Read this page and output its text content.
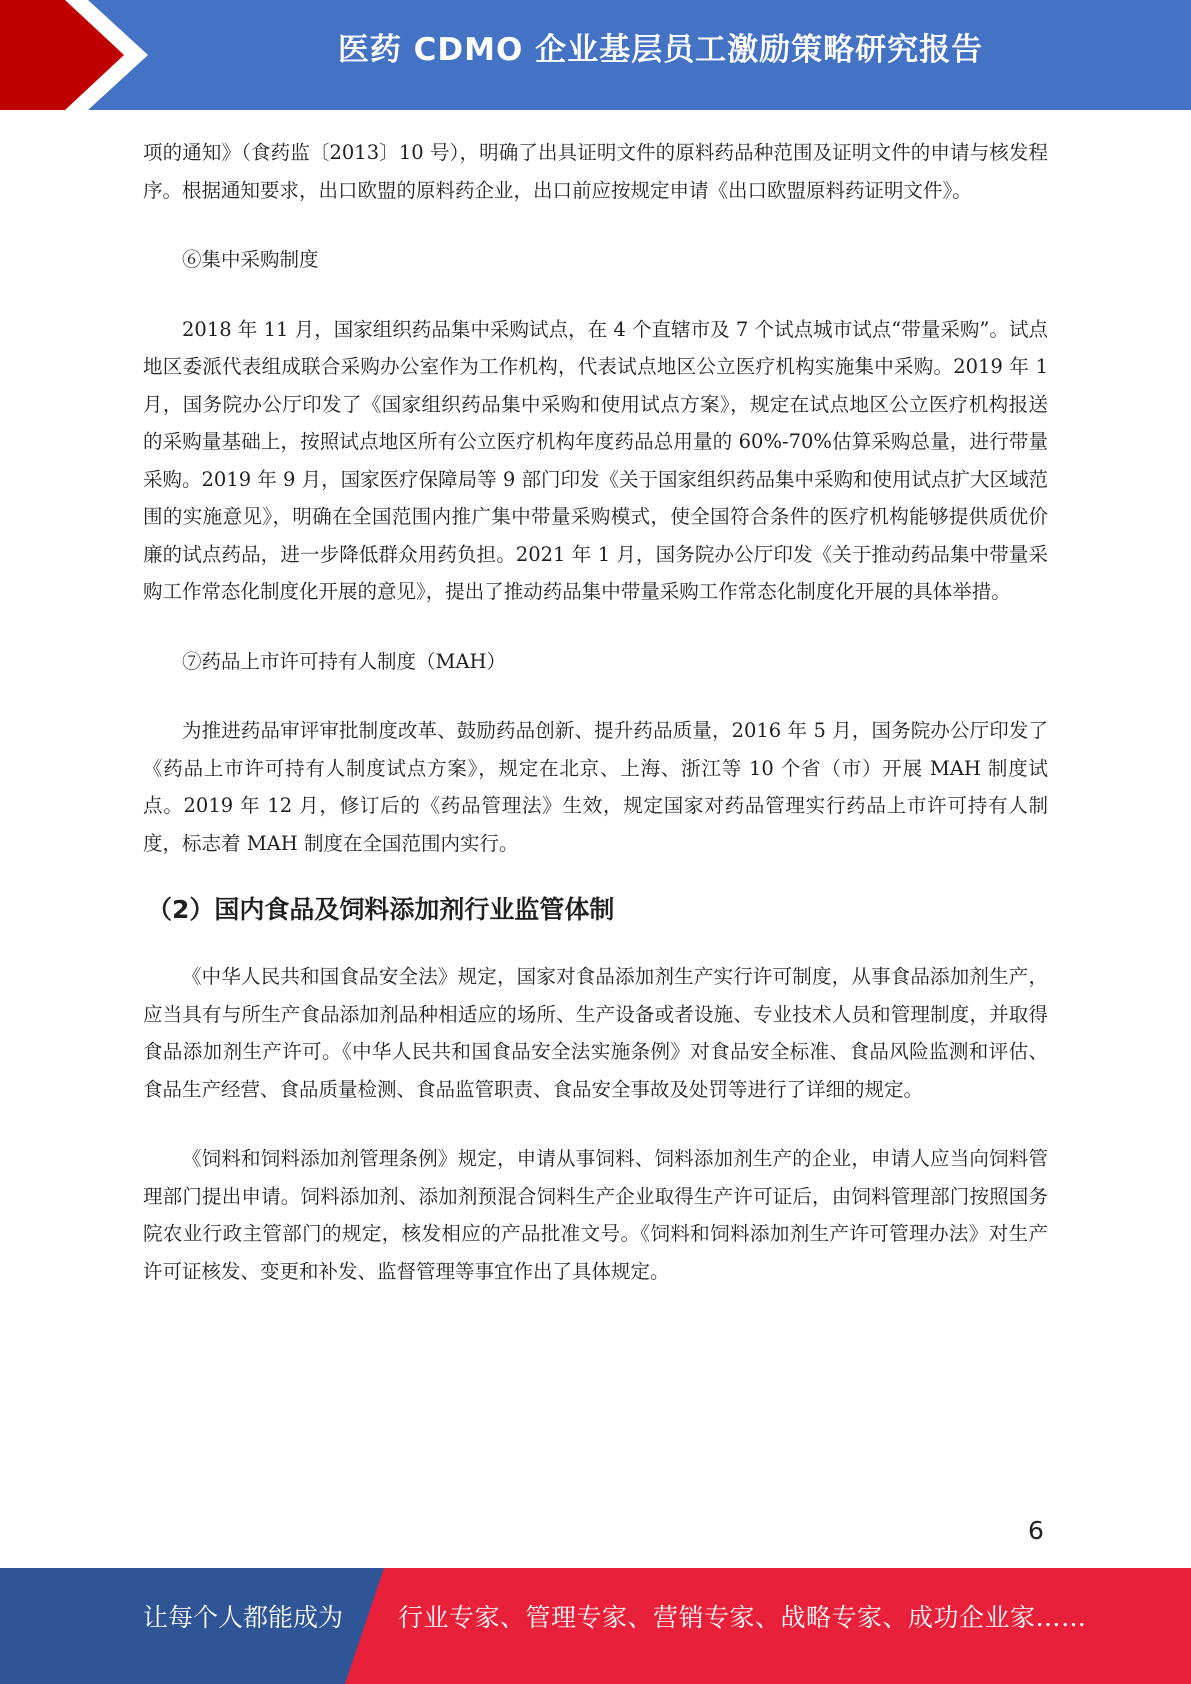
医药 CDMO 企业基层员工激励策略研究报告

项的通知》（食药监〔2013〕10 号），明确了出具证明文件的原料药品种范围及证明文件的申请与核发程序。根据通知要求，出口欧盟的原料药企业，出口前应按规定申请《出口欧盟原料药证明文件》。

⑥集中采购制度

2018 年 11 月，国家组织药品集中采购试点，在 4 个直辖市及 7 个试点城市试点“带量采购”。试点地区委派代表组成联合采购办公室作为工作机构，代表试点地区公立医疗机构实施集中采购。2019 年 1 月，国务院办公厅印发了《国家组织药品集中采购和使用试点方案》，规定在试点地区公立医疗机构报送的采购量基础上，按照试点地区所有公立医疗机构年度药品总用量的 60%-70%估算采购总量，进行带量采购。2019 年 9 月，国家医疗保障局等 9 部门印发《关于国家组织药品集中采购和使用试点扩大区域范围的实施意见》，明确在全国范围内推广集中带量采购模式，使全国符合条件的医疗机构能够提供质优价廉的试点药品，进一步降低群众用药负担。2021 年 1 月，国务院办公厅印发《关于推动药品集中带量采购工作常态化制度化开展的意见》，提出了推动药品集中带量采购工作常态化制度化开展的具体举措。

⑦药品上市许可持有人制度（MAH）

为推进药品审评审批制度改革、鼓励药品创新、提升药品质量，2016 年 5 月，国务院办公厅印发了《药品上市许可持有人制度试点方案》，规定在北京、上海、浙江等 10 个省（市）开展 MAH 制度试点。2019 年 12 月，修订后的《药品管理法》生效，规定国家对药品管理实行药品上市许可持有人制度，标志着 MAH 制度在全国范围内实行。

（2）国内食品及饲料添加剂行业监管体制

《中华人民共和国食品安全法》规定，国家对食品添加剂生产实行许可制度，从事食品添加剂生产，应当具有与所生产食品添加剂品种相适应的场所、生产设备或者设施、专业技术人员和管理制度，并取得食品添加剂生产许可。《中华人民共和国食品安全法实施条例》对食品安全标准、食品风险监测和评估、食品生产经营、食品质量检测、食品监管职责、食品安全事故及处罚等进行了详细的规定。

《饲料和饲料添加剂管理条例》规定，申请从事饲料、饲料添加剂生产的企业，申请人应当向饲料管理部门提出申请。饲料添加剂、添加剂预混合饲料生产企业取得生产许可证后，由饲料管理部门按照国务院农业行政主管部门的规定，核发相应的产品批准文号。《饲料和饲料添加剂生产许可管理办法》对生产许可证核发、变更和补发、监督管理等事宜作出了具体规定。

6
让每个人都能成为 行业专家、管理专家、营销专家、战略专家、成功企业家……
